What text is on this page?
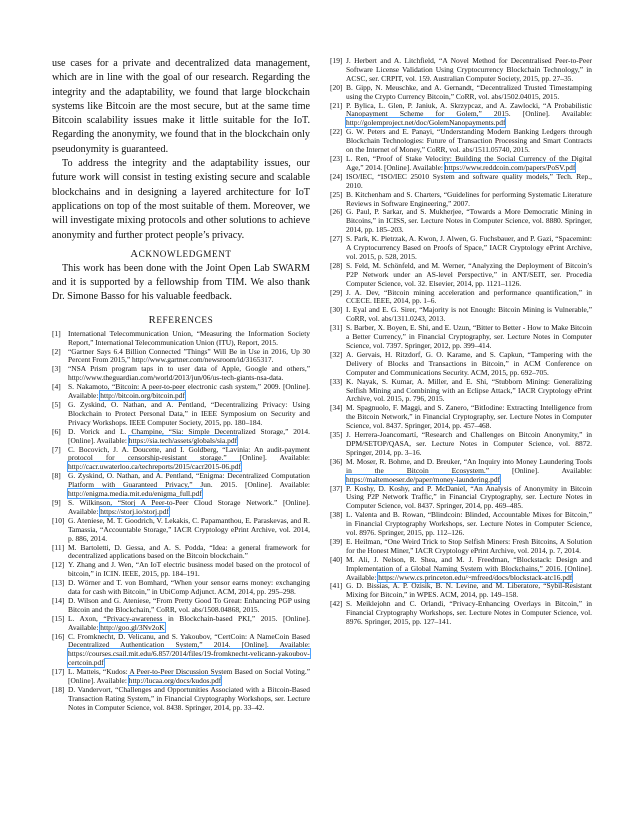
use cases for a private and decentralized data management, which are in line with the goal of our research. Regarding the integrity and the adaptability, we found that large blockchain systems like Bitcoin are the most secure, but at the same time Bitcoin scalability issues make it little suitable for the IoT. Regarding the anonymity, we found that in the blockchain only pseudonymity is guaranteed.

To address the integrity and the adaptability issues, our future work will consist in testing existing secure and scalable blockchains and in designing a layered architecture for IoT applications on top of the most suitable of them. Moreover, we will investigate mixing protocols and other solutions to achieve anonymity and further protect people’s privacy.

ACKNOWLEDGMENT

This work has been done with the Joint Open Lab SWARM and it is supported by a fellowship from TIM. We also thank Dr. Simone Basso for his valuable feedback.

REFERENCES

[1] International Telecommunication Union, “Measuring the Information Society Report,” International Telecommunication Union (ITU), Report, 2015.
[2] “Gartner Says 6.4 Billion Connected ”Things” Will Be in Use in 2016, Up 30 Percent From 2015,” http://www.gartner.com/newsroom/id/3165317.
[3] “NSA Prism program taps in to user data of Apple, Google and others,” http://www.theguardian.com/world/2013/jun/06/us-tech-giants-nsa-data.
[4] S. Nakamoto, “Bitcoin: A peer-to-peer electronic cash system,” 2009. [Online]. Available: http://bitcoin.org/bitcoin.pdf
[5] G. Zyskind, O. Nathan, and A. Pentland, “Decentralizing Privacy: Using Blockchain to Protect Personal Data,” in IEEE Symposium on Security and Privacy Workshops. IEEE Computer Society, 2015, pp. 180–184.
[6] D. Vorick and L. Champine, “Sia: Simple Decentralized Storage,” 2014. [Online]. Available: https://sia.tech/assets/globals/sia.pdf
[7] C. Bocovich, J. A. Doucette, and I. Goldberg, “Lavinia: An audit-payment protocol for censorship-resistant storage.” [Online]. Available: http://cacr.uwaterloo.ca/techreports/2015/cacr2015-06.pdf
[8] G. Zyskind, O. Nathan, and A. Pentland, “Enigma: Decentralized Computation Platform with Guaranteed Privacy,” Jun. 2015. [Online]. Available: http://enigma.media.mit.edu/enigma_full.pdf
[9] S. Wilkinson, “Storj A Peer-to-Peer Cloud Storage Network.” [Online]. Available: https://storj.io/storj.pdf
[10] G. Ateniese, M. T. Goodrich, V. Lekakis, C. Papamanthou, E. Paraskevas, and R. Tamassia, “Accountable Storage,” IACR Cryptology ePrint Archive, vol. 2014, p. 886, 2014.
[11] M. Bartoletti, D. Gessa, and A. S. Podda, “Idea: a general framework for decentralized applications based on the Bitcoin blockchain.”
[12] Y. Zhang and J. Wen, “An IoT electric business model based on the protocol of bitcoin,” in ICIN. IEEE, 2015, pp. 184–191.
[13] D. Wörner and T. von Bomhard, “When your sensor earns money: exchanging data for cash with Bitcoin,” in UbiComp Adjunct. ACM, 2014, pp. 295–298.
[14] D. Wilson and G. Ateniese, “From Pretty Good To Great: Enhancing PGP using Bitcoin and the Blockchain,” CoRR, vol. abs/1508.04868, 2015.
[15] L. Axon, “Privacy-awareness in Blockchain-based PKI,” 2015. [Online]. Available: http://goo.gl/3Nv2oK
[16] C. Fromknecht, D. Velicanu, and S. Yakoubov, “CertCoin: A NameCoin Based Decentralized Authentication System,” 2014. [Online]. Available: https://courses.csail.mit.edu/6.857/2014/files/19-fromknecht-velicann-yakoubov-certcoin.pdf
[17] L. Matteis, “Kudos: A Peer-to-Peer Discussion System Based on Social Voting.” [Online]. Available: http://lucaa.org/docs/kudos.pdf
[18] D. Vandervort, “Challenges and Opportunities Associated with a Bitcoin-Based Transaction Rating System,” in Financial Cryptography Workshops, ser. Lecture Notes in Computer Science, vol. 8438. Springer, 2014, pp. 33–42.
[19] J. Herbert and A. Litchfield, “A Novel Method for Decentralised Peer-to-Peer Software License Validation Using Cryptocurrency Blockchain Technology,” in ACSC, ser. CRPIT, vol. 159. Australian Computer Society, 2015, pp. 27–35.
[20] B. Gipp, N. Meuschke, and A. Gernandt, “Decentralized Trusted Timestamping using the Crypto Currency Bitcoin,” CoRR, vol. abs/1502.04015, 2015.
[21] P. Bylica, L. Glen, P. Janiuk, A. Skrzypcaz, and A. Zawlocki, “A Probabilistic Nanopayment Scheme for Golem,” 2015. [Online]. Available: http://golemproject.net/doc/GolemNanopayments.pdf
[22] G. W. Peters and E. Panayi, “Understanding Modern Banking Ledgers through Blockchain Technologies: Future of Transaction Processing and Smart Contracts on the Internet of Money,” CoRR, vol. abs/1511.05740, 2015.
[23] L. Ren, “Proof of Stake Velocity: Building the Social Currency of the Digital Age,” 2014. [Online]. Available: https://www.reddcoin.com/papers/PoSV.pdf
[24] ISO/IEC, “ISO/IEC 25010 System and software quality models,” Tech. Rep., 2010.
[25] B. Kitchenham and S. Charters, “Guidelines for performing Systematic Literature Reviews in Software Engineering,” 2007.
[26] G. Paul, P. Sarkar, and S. Mukherjee, “Towards a More Democratic Mining in Bitcoins,” in ICISS, ser. Lecture Notes in Computer Science, vol. 8880. Springer, 2014, pp. 185–203.
[27] S. Park, K. Pietrzak, A. Kwon, J. Alwen, G. Fuchsbauer, and P. Gazi, “Spacemint: A Cryptocurrency Based on Proofs of Space,” IACR Cryptology ePrint Archive, vol. 2015, p. 528, 2015.
[28] S. Feld, M. Schönfeld, and M. Werner, “Analyzing the Deployment of Bitcoin’s P2P Network under an AS-level Perspective,” in ANT/SEIT, ser. Procedia Computer Science, vol. 32. Elsevier, 2014, pp. 1121–1126.
[29] J. A. Dev, “Bitcoin mining acceleration and performance quantification,” in CCECE. IEEE, 2014, pp. 1–6.
[30] I. Eyal and E. G. Sirer, “Majority is not Enough: Bitcoin Mining is Vulnerable,” CoRR, vol. abs/1311.0243, 2013.
[31] S. Barber, X. Boyen, E. Shi, and E. Uzun, “Bitter to Better - How to Make Bitcoin a Better Currency,” in Financial Cryptography, ser. Lecture Notes in Computer Science, vol. 7397. Springer, 2012, pp. 399–414.
[32] A. Gervais, H. Ritzdorf, G. O. Karame, and S. Capkun, “Tampering with the Delivery of Blocks and Transactions in Bitcoin,” in ACM Conference on Computer and Communications Security. ACM, 2015, pp. 692–705.
[33] K. Nayak, S. Kumar, A. Miller, and E. Shi, “Stubborn Mining: Generalizing Selfish Mining and Combining with an Eclipse Attack,” IACR Cryptology ePrint Archive, vol. 2015, p. 796, 2015.
[34] M. Spagnuolo, F. Maggi, and S. Zanero, “BitIodine: Extracting Intelligence from the Bitcoin Network,” in Financial Cryptography, ser. Lecture Notes in Computer Science, vol. 8437. Springer, 2014, pp. 457–468.
[35] J. Herrera-Joancomartí, “Research and Challenges on Bitcoin Anonymity,” in DPM/SETOP/QASA, ser. Lecture Notes in Computer Science, vol. 8872. Springer, 2014, pp. 3–16.
[36] M. Moser, R. Bohme, and D. Breuker, “An Inquiry into Money Laundering Tools in the Bitcoin Ecosystem.” [Online]. Available: https://maltemoeser.de/paper/money-laundering.pdf
[37] P. Koshy, D. Koshy, and P. McDaniel, “An Analysis of Anonymity in Bitcoin Using P2P Network Traffic,” in Financial Cryptography, ser. Lecture Notes in Computer Science, vol. 8437. Springer, 2014, pp. 469–485.
[38] L. Valenta and B. Rowan, “Blindcoin: Blinded, Accountable Mixes for Bitcoin,” in Financial Cryptography Workshops, ser. Lecture Notes in Computer Science, vol. 8976. Springer, 2015, pp. 112–126.
[39] E. Heilman, “One Weird Trick to Stop Selfish Miners: Fresh Bitcoins, A Solution for the Honest Miner,” IACR Cryptology ePrint Archive, vol. 2014, p. 7, 2014.
[40] M. Ali, J. Nelson, R. Shea, and M. J. Freedman, “Blockstack: Design and Implementation of a Global Naming System with Blockchains,” 2016. [Online]. Available: https://www.cs.princeton.edu/~mfreed/docs/blockstack-atc16.pdf
[41] G. D. Bissias, A. P. Ozisik, B. N. Levine, and M. Liberatore, “Sybil-Resistant Mixing for Bitcoin,” in WPES. ACM, 2014, pp. 149–158.
[42] S. Meiklejohn and C. Orlandi, “Privacy-Enhancing Overlays in Bitcoin,” in Financial Cryptography Workshops, ser. Lecture Notes in Computer Science, vol. 8976. Springer, 2015, pp. 127–141.
